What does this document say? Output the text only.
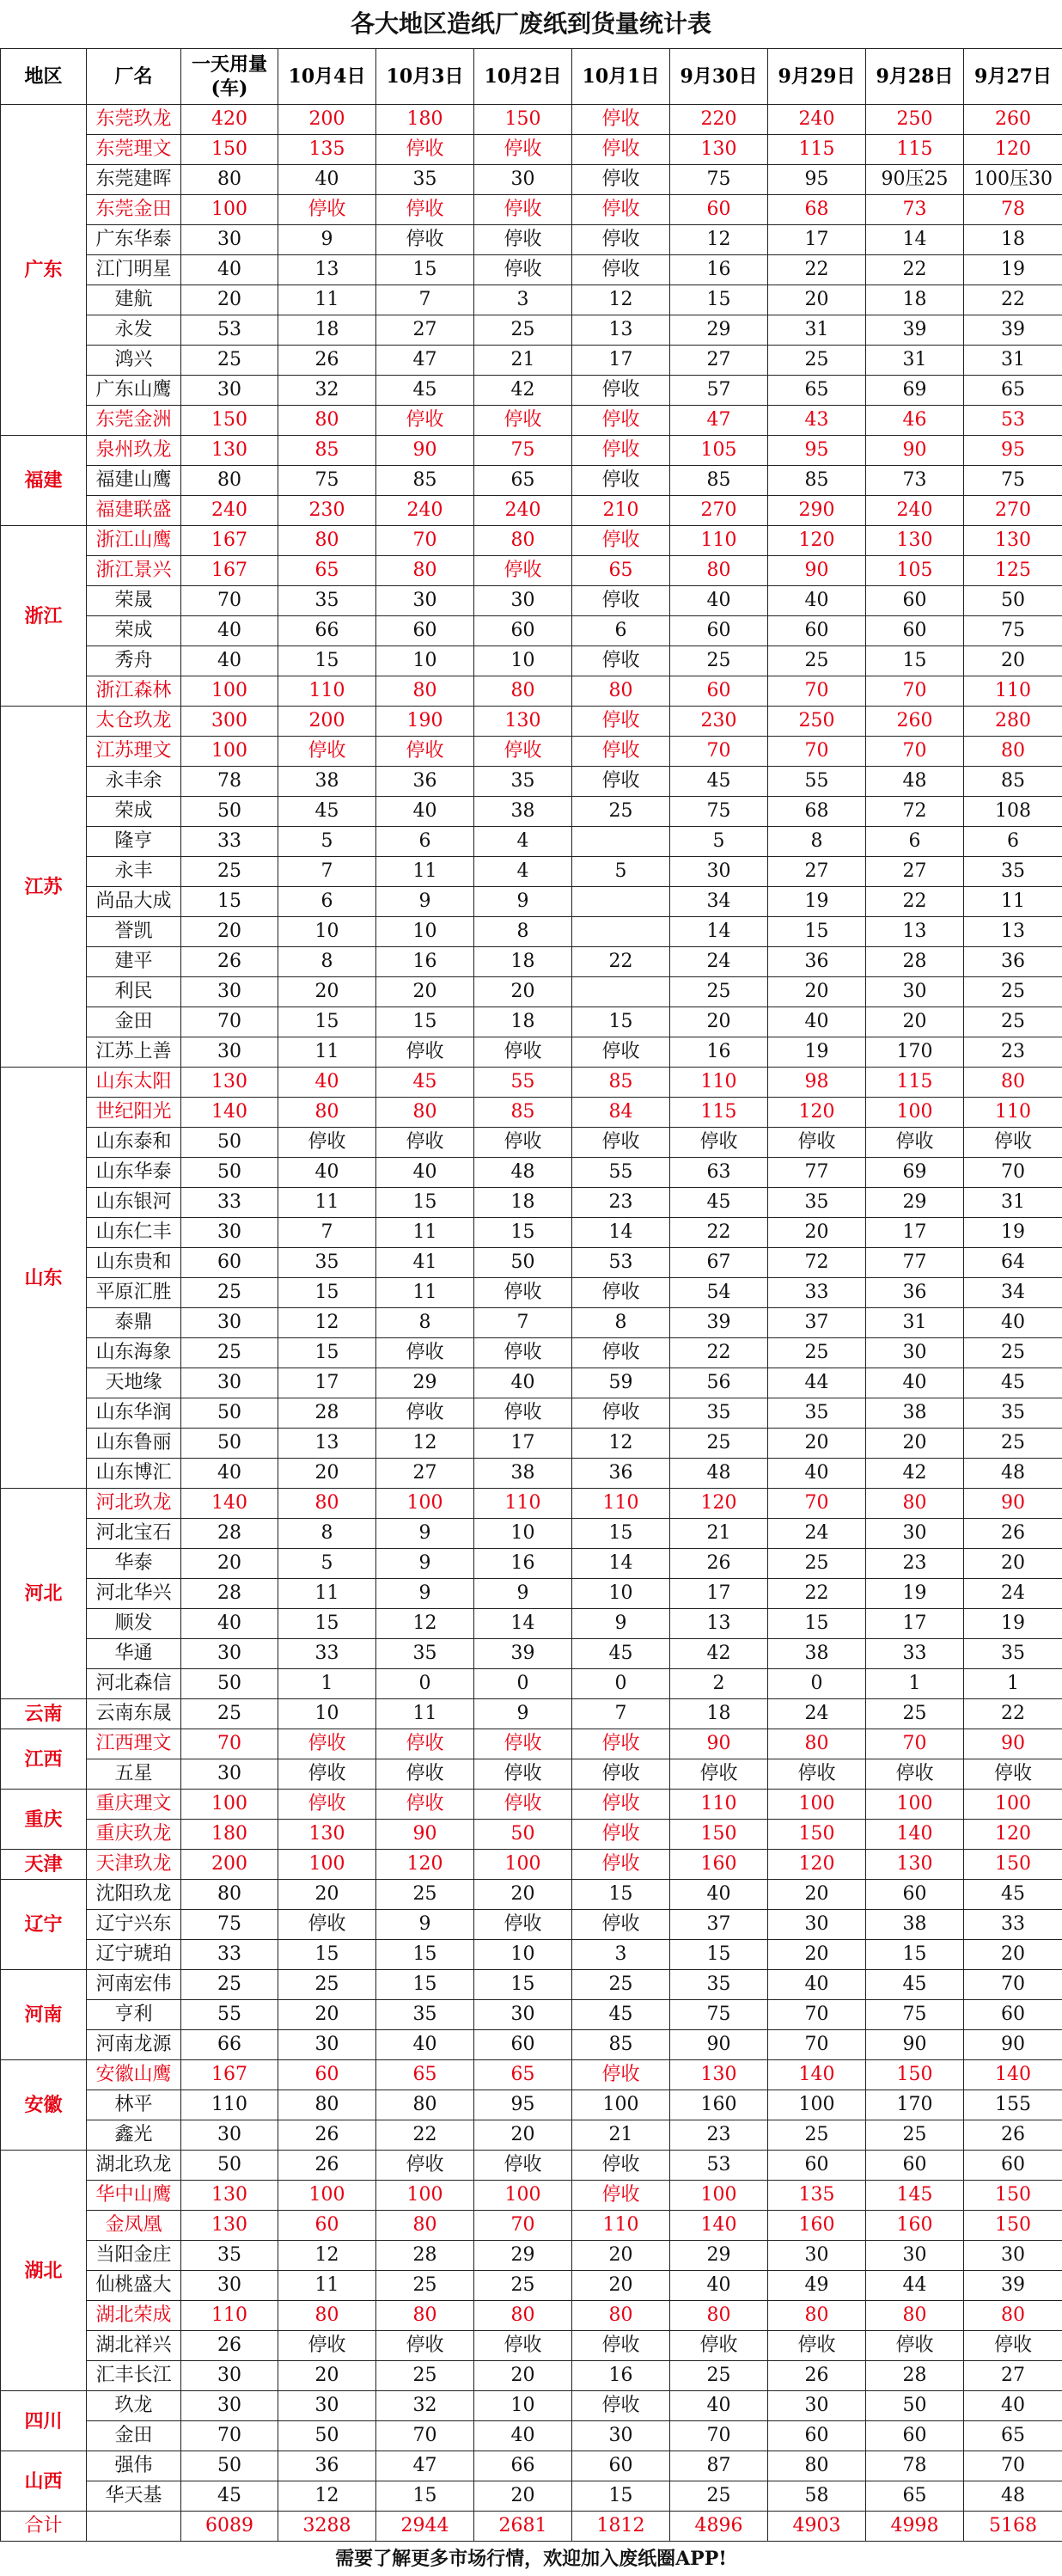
各大地区造纸厂废纸到货量统计表
地区	厂名	一天用量(车)	10月4日	10月3日	10月2日	10月1日	9月30日	9月29日	9月28日	9月27日
广东	东莞玖龙	420	200	180	150	停收	220	240	250	260
	东莞理文	150	135	停收	停收	停收	130	115	115	120
	东莞建晖	80	40	35	30	停收	75	95	90压25	100压30
	东莞金田	100	停收	停收	停收	停收	60	68	73	78
	广东华泰	30	9	停收	停收	停收	12	17	14	18
	江门明星	40	13	15	停收	停收	16	22	22	19
	建航	20	11	7	3	12	15	20	18	22
	永发	53	18	27	25	13	29	31	39	39
	鸿兴	25	26	47	21	17	27	25	31	31
	广东山鹰	30	32	45	42	停收	57	65	69	65
	东莞金洲	150	80	停收	停收	停收	47	43	46	53
福建	泉州玖龙	130	85	90	75	停收	105	95	90	95
	福建山鹰	80	75	85	65	停收	85	85	73	75
	福建联盛	240	230	240	240	210	270	290	240	270
浙江	浙江山鹰	167	80	70	80	停收	110	120	130	130
	浙江景兴	167	65	80	停收	65	80	90	105	125
	荣晟	70	35	30	30	停收	40	40	60	50
	荣成	40	66	60	60	6	60	60	60	75
	秀舟	40	15	10	10	停收	25	25	15	20
	浙江森林	100	110	80	80	80	60	70	70	110
江苏	太仓玖龙	300	200	190	130	停收	230	250	260	280
	江苏理文	100	停收	停收	停收	停收	70	70	70	80
	永丰余	78	38	36	35	停收	45	55	48	85
	荣成	50	45	40	38	25	75	68	72	108
	隆亨	33	5	6	4		5	8	6	6
	永丰	25	7	11	4	5	30	27	27	35
	尚品大成	15	6	9	9		34	19	22	11
	誉凯	20	10	10	8		14	15	13	13
	建平	26	8	16	18	22	24	36	28	36
	利民	30	20	20	20		25	20	30	25
	金田	70	15	15	18	15	20	40	20	25
	江苏上善	30	11	停收	停收	停收	16	19	170	23
山东	山东太阳	130	40	45	55	85	110	98	115	80
	世纪阳光	140	80	80	85	84	115	120	100	110
	山东泰和	50	停收	停收	停收	停收	停收	停收	停收	停收
	山东华泰	50	40	40	48	55	63	77	69	70
	山东银河	33	11	15	18	23	45	35	29	31
	山东仁丰	30	7	11	15	14	22	20	17	19
	山东贵和	60	35	41	50	53	67	72	77	64
	平原汇胜	25	15	11	停收	停收	54	33	36	34
	泰鼎	30	12	8	7	8	39	37	31	40
	山东海象	25	15	停收	停收	停收	22	25	30	25
	天地缘	30	17	29	40	59	56	44	40	45
	山东华润	50	28	停收	停收	停收	35	35	38	35
	山东鲁丽	50	13	12	17	12	25	20	20	25
	山东博汇	40	20	27	38	36	48	40	42	48
河北	河北玖龙	140	80	100	110	110	120	70	80	90
	河北宝石	28	8	9	10	15	21	24	30	26
	华泰	20	5	9	16	14	26	25	23	20
	河北华兴	28	11	9	9	10	17	22	19	24
	顺发	40	15	12	14	9	13	15	17	19
	华通	30	33	35	39	45	42	38	33	35
	河北森信	50	1	0	0	0	2	0	1	1
云南	云南东晟	25	10	11	9	7	18	24	25	22
江西	江西理文	70	停收	停收	停收	停收	90	80	70	90
	五星	30	停收	停收	停收	停收	停收	停收	停收	停收
重庆	重庆理文	100	停收	停收	停收	停收	110	100	100	100
	重庆玖龙	180	130	90	50	停收	150	150	140	120
天津	天津玖龙	200	100	120	100	停收	160	120	130	150
辽宁	沈阳玖龙	80	20	25	20	15	40	20	60	45
	辽宁兴东	75	停收	9	停收	停收	37	30	38	33
	辽宁琥珀	33	15	15	10	3	15	20	15	20
河南	河南宏伟	25	25	15	15	25	35	40	45	70
	亨利	55	20	35	30	45	75	70	75	60
	河南龙源	66	30	40	60	85	90	70	90	90
安徽	安徽山鹰	167	60	65	65	停收	130	140	150	140
	林平	110	80	80	95	100	160	100	170	155
	鑫光	30	26	22	20	21	23	25	25	26
湖北	湖北玖龙	50	26	停收	停收	停收	53	60	60	60
	华中山鹰	130	100	100	100	停收	100	135	145	150
	金凤凰	130	60	80	70	110	140	160	160	150
	当阳金庄	35	12	28	29	20	29	30	30	30
	仙桃盛大	30	11	25	25	20	40	49	44	39
	湖北荣成	110	80	80	80	80	80	80	80	80
	湖北祥兴	26	停收	停收	停收	停收	停收	停收	停收	停收
	汇丰长江	30	20	25	20	16	25	26	28	27
四川	玖龙	30	30	32	10	停收	40	30	50	40
	金田	70	50	70	40	30	70	60	60	65
山西	强伟	50	36	47	66	60	87	80	78	70
	华天基	45	12	15	20	15	25	58	65	48
合计		6089	3288	2944	2681	1812	4896	4903	4998	5168
需要了解更多市场行情，欢迎加入废纸圈APP!
